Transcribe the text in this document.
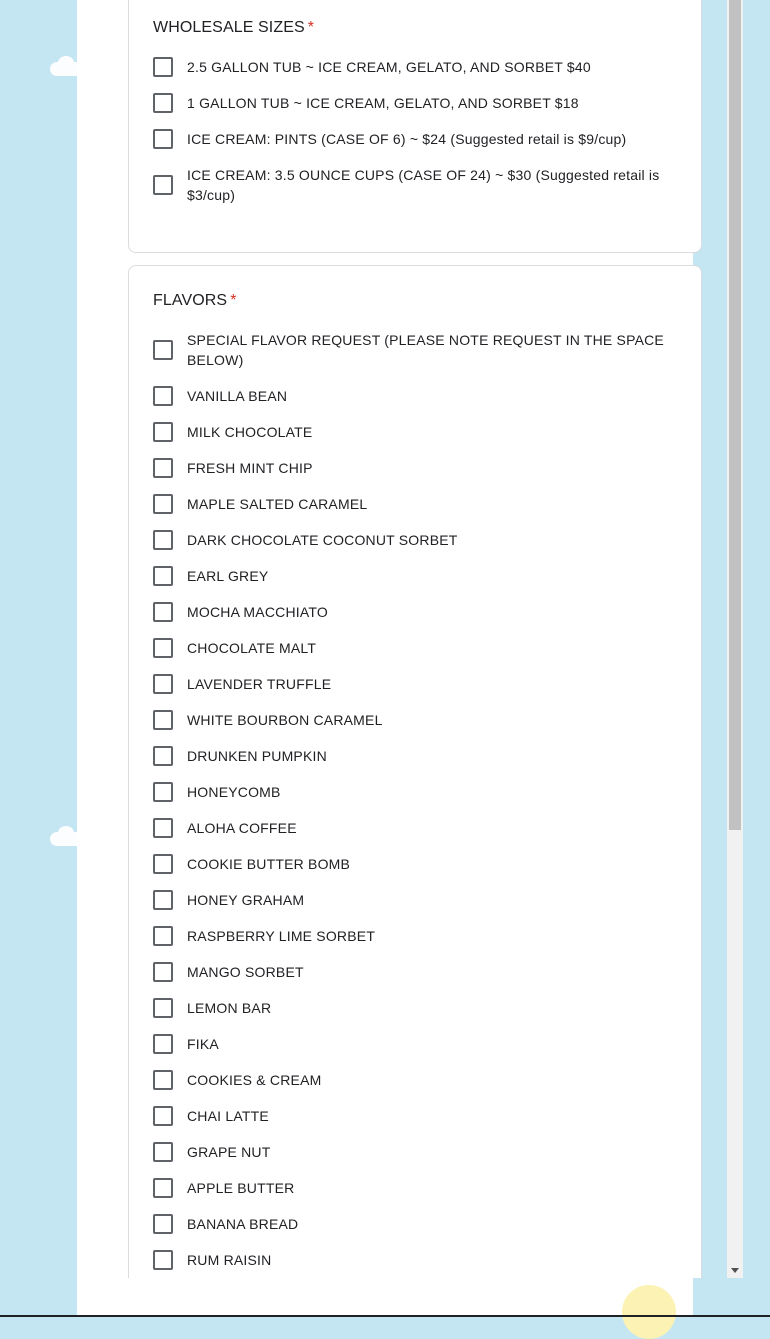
WHOLESALE SIZES *
2.5 GALLON TUB ~ ICE CREAM, GELATO, AND SORBET $40
1 GALLON TUB ~ ICE CREAM, GELATO, AND SORBET $18
ICE CREAM: PINTS (CASE OF 6) ~ $24 (Suggested retail is $9/cup)
ICE CREAM: 3.5 OUNCE CUPS (CASE OF 24) ~ $30 (Suggested retail is $3/cup)
FLAVORS *
SPECIAL FLAVOR REQUEST (PLEASE NOTE REQUEST IN THE SPACE BELOW)
VANILLA BEAN
MILK CHOCOLATE
FRESH MINT CHIP
MAPLE SALTED CARAMEL
DARK CHOCOLATE COCONUT SORBET
EARL GREY
MOCHA MACCHIATO
CHOCOLATE MALT
LAVENDER TRUFFLE
WHITE BOURBON CARAMEL
DRUNKEN PUMPKIN
HONEYCOMB
ALOHA COFFEE
COOKIE BUTTER BOMB
HONEY GRAHAM
RASPBERRY LIME SORBET
MANGO SORBET
LEMON BAR
FIKA
COOKIES & CREAM
CHAI LATTE
GRAPE NUT
APPLE BUTTER
BANANA BREAD
RUM RAISIN
